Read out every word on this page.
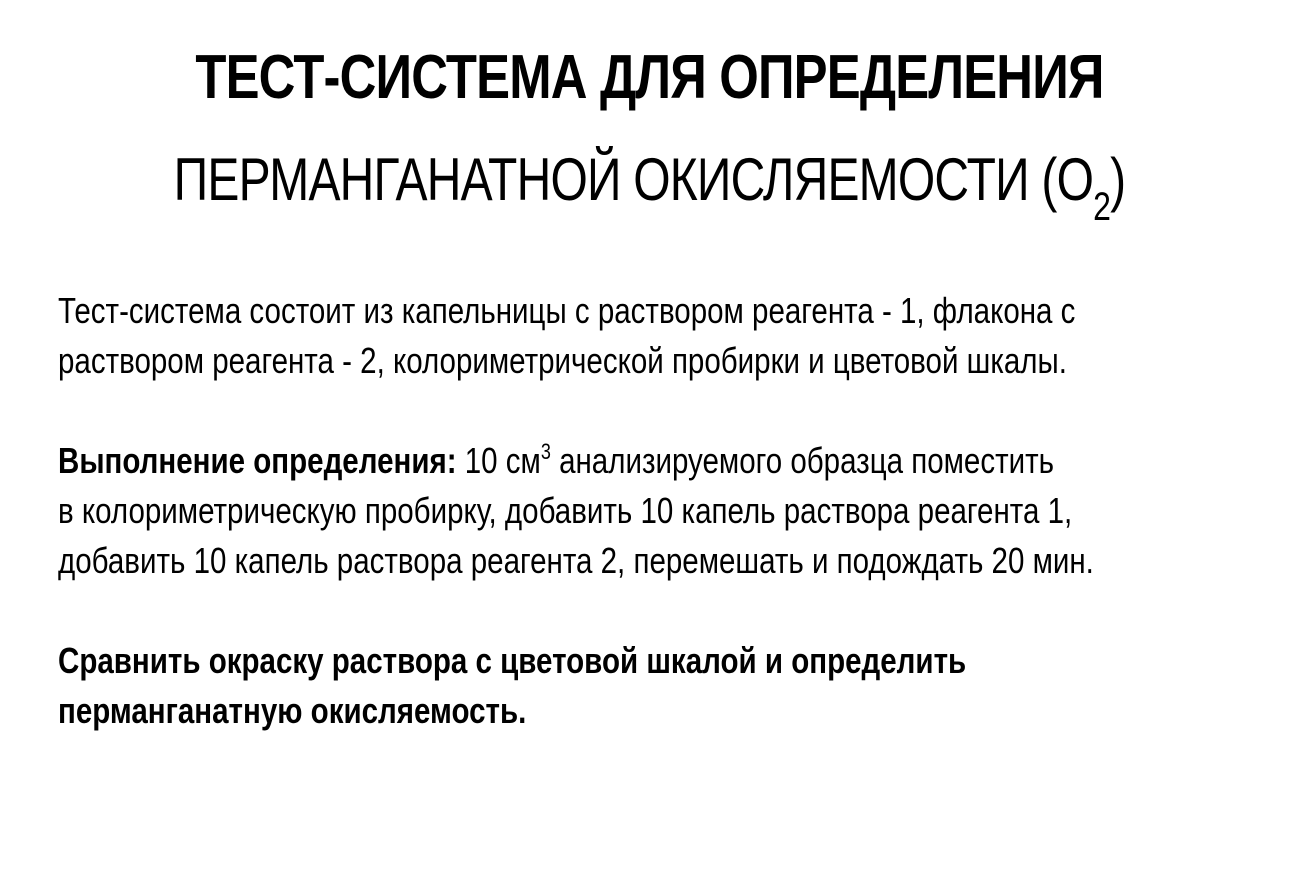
ТЕСТ-СИСТЕМА ДЛЯ ОПРЕДЕЛЕНИЯ
ПЕРМАНГАНАТНОЙ ОКИСЛЯЕМОСТИ $(О_2)$
Тест-система состоит из капельницы с раствором реагента - 1, флакона с
раствором реагента - 2, колориметрической пробирки и цветовой шкалы.
Выполнение определения: 10 $см^3$ анализируемого образца поместить
в колориметрическую пробирку, добавить 10 капель раствора реагента 1,
добавить 10 капель раствора реагента 2, перемешать и подождать 20 мин.
Сравнить окраску раствора с цветовой шкалой и определить
перманганатную окисляемость.
